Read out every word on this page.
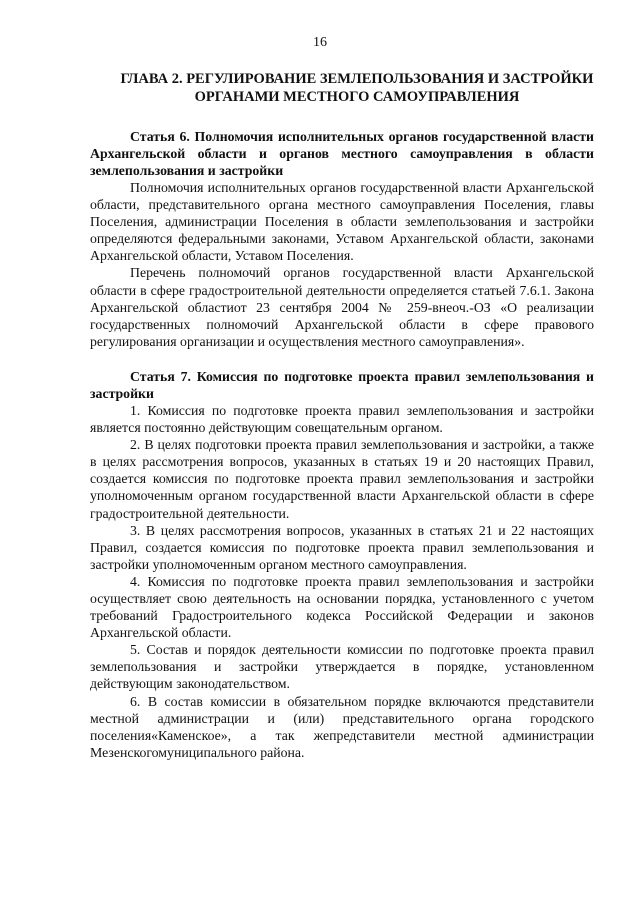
16
ГЛАВА 2. РЕГУЛИРОВАНИЕ ЗЕМЛЕПОЛЬЗОВАНИЯ И ЗАСТРОЙКИ ОРГАНАМИ МЕСТНОГО САМОУПРАВЛЕНИЯ
Статья 6. Полномочия исполнительных органов государственной власти Архангельской области и органов местного самоуправления в области землепользования и застройки

Полномочия исполнительных органов государственной власти Архангельской области, представительного органа местного самоуправления Поселения, главы Поселения, администрации Поселения в области землепользования и застройки определяются федеральными законами, Уставом Архангельской области, законами Архангельской области, Уставом Поселения.

Перечень полномочий органов государственной власти Архангельской области в сфере градостроительной деятельности определяется статьей 7.6.1. Закона Архангельской областиот 23 сентября 2004 № 259-внеоч.-ОЗ «О реализации государственных полномочий Архангельской области в сфере правового регулирования организации и осуществления местного самоуправления».

Статья 7. Комиссия по подготовке проекта правил землепользования и застройки

1. Комиссия по подготовке проекта правил землепользования и застройки является постоянно действующим совещательным органом.

2. В целях подготовки проекта правил землепользования и застройки, а также в целях рассмотрения вопросов, указанных в статьях 19 и 20 настоящих Правил, создается комиссия по подготовке проекта правил землепользования и застройки уполномоченным органом государственной власти Архангельской области в сфере градостроительной деятельности.

3. В целях рассмотрения вопросов, указанных в статьях 21 и 22 настоящих Правил, создается комиссия по подготовке проекта правил землепользования и застройки уполномоченным органом местного самоуправления.

4. Комиссия по подготовке проекта правил землепользования и застройки осуществляет свою деятельность на основании порядка, установленного с учетом требований Градостроительного кодекса Российской Федерации и законов Архангельской области.

5. Состав и порядок деятельности комиссии по подготовке проекта правил землепользования и застройки утверждается в порядке, установленном действующим законодательством.

6. В состав комиссии в обязательном порядке включаются представители местной администрации и (или) представительного органа городского поселения«Каменское», а так жепредставители местной администрации Мезенскогомуниципального района.
